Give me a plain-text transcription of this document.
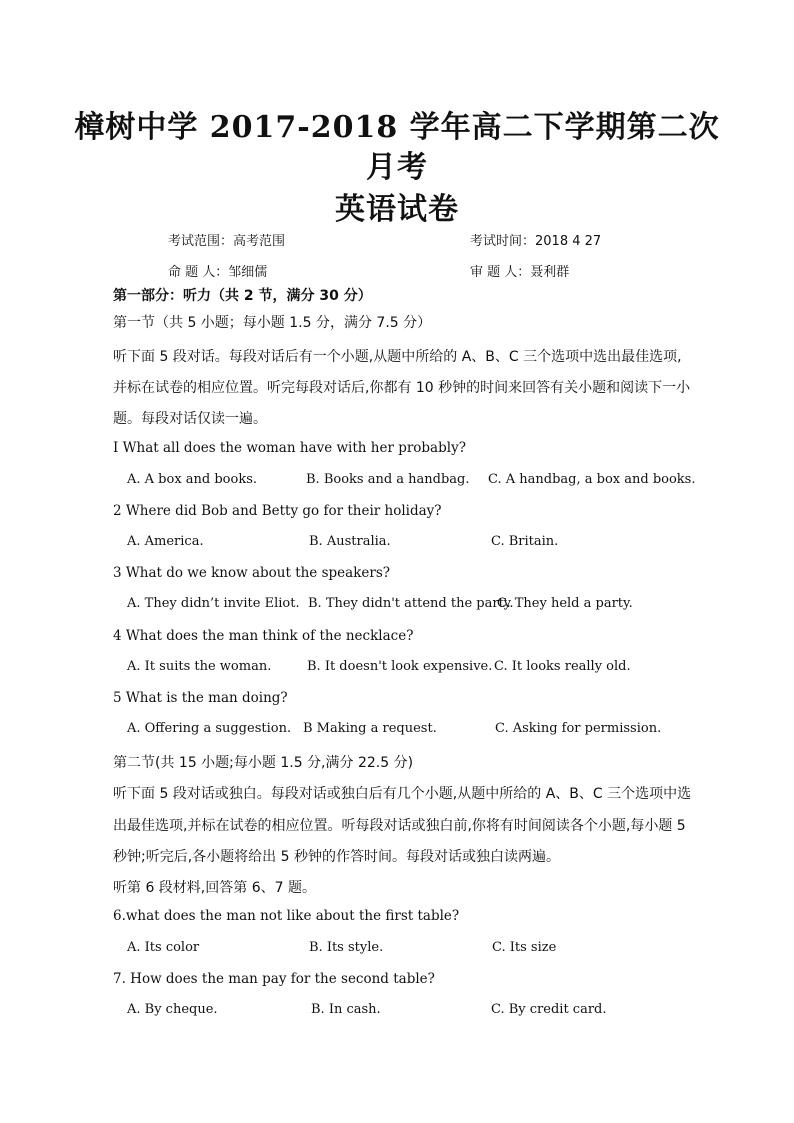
樟树中学 2017-2018 学年高二下学期第二次
月考
英语试卷
考试范围：高考范围	考试时间：2018 4 27
命 题 人：邹细儒	审 题 人：聂利群
第一部分：听力（共 2 节，满分 30 分）
第一节（共 5 小题；每小题 1.5 分，满分 7.5 分）
听下面 5 段对话。每段对话后有一个小题,从题中所给的 A、B、C 三个选项中选出最佳选项,
并标在试卷的相应位置。听完每段对话后,你都有 10 秒钟的时间来回答有关小题和阅读下一小
题。每段对话仅读一遍。
I What all does the woman have with her probably?
A. A box and books.	B. Books and a handbag. C. A handbag, a box and books.
2 Where did Bob and Betty go for their holiday?
A. America.	B. Australia.	C. Britain.
3 What do we know about the speakers?
A. They didn’t invite Eliot. B. They didn't attend the party.
C. They held a party.
4 What does the man think of the necklace?
A. It suits the woman.	B. It doesn't look expensive. C. It looks really old.
5 What is the man doing?
A. Offering a suggestion. B Making a request.	C. Asking for permission.
第二节(共 15 小题;每小题 1.5 分,满分 22.5 分)
听下面 5 段对话或独白。每段对话或独白后有几个小题,从题中所给的 A、B、C 三个选项中选
出最佳选项,并标在试卷的相应位置。听每段对话或独白前,你将有时间阅读各个小题,每小题 5
秒钟;听完后,各小题将给出 5 秒钟的作答时间。每段对话或独白读两遍。
听第 6 段材料,回答第 6、7 题。
6.what does the man not like about the first table?
A. Its color	B. Its style.	C. Its size
7. How does the man pay for the second table?
A. By cheque.	B. In cash.	C. By credit card.
